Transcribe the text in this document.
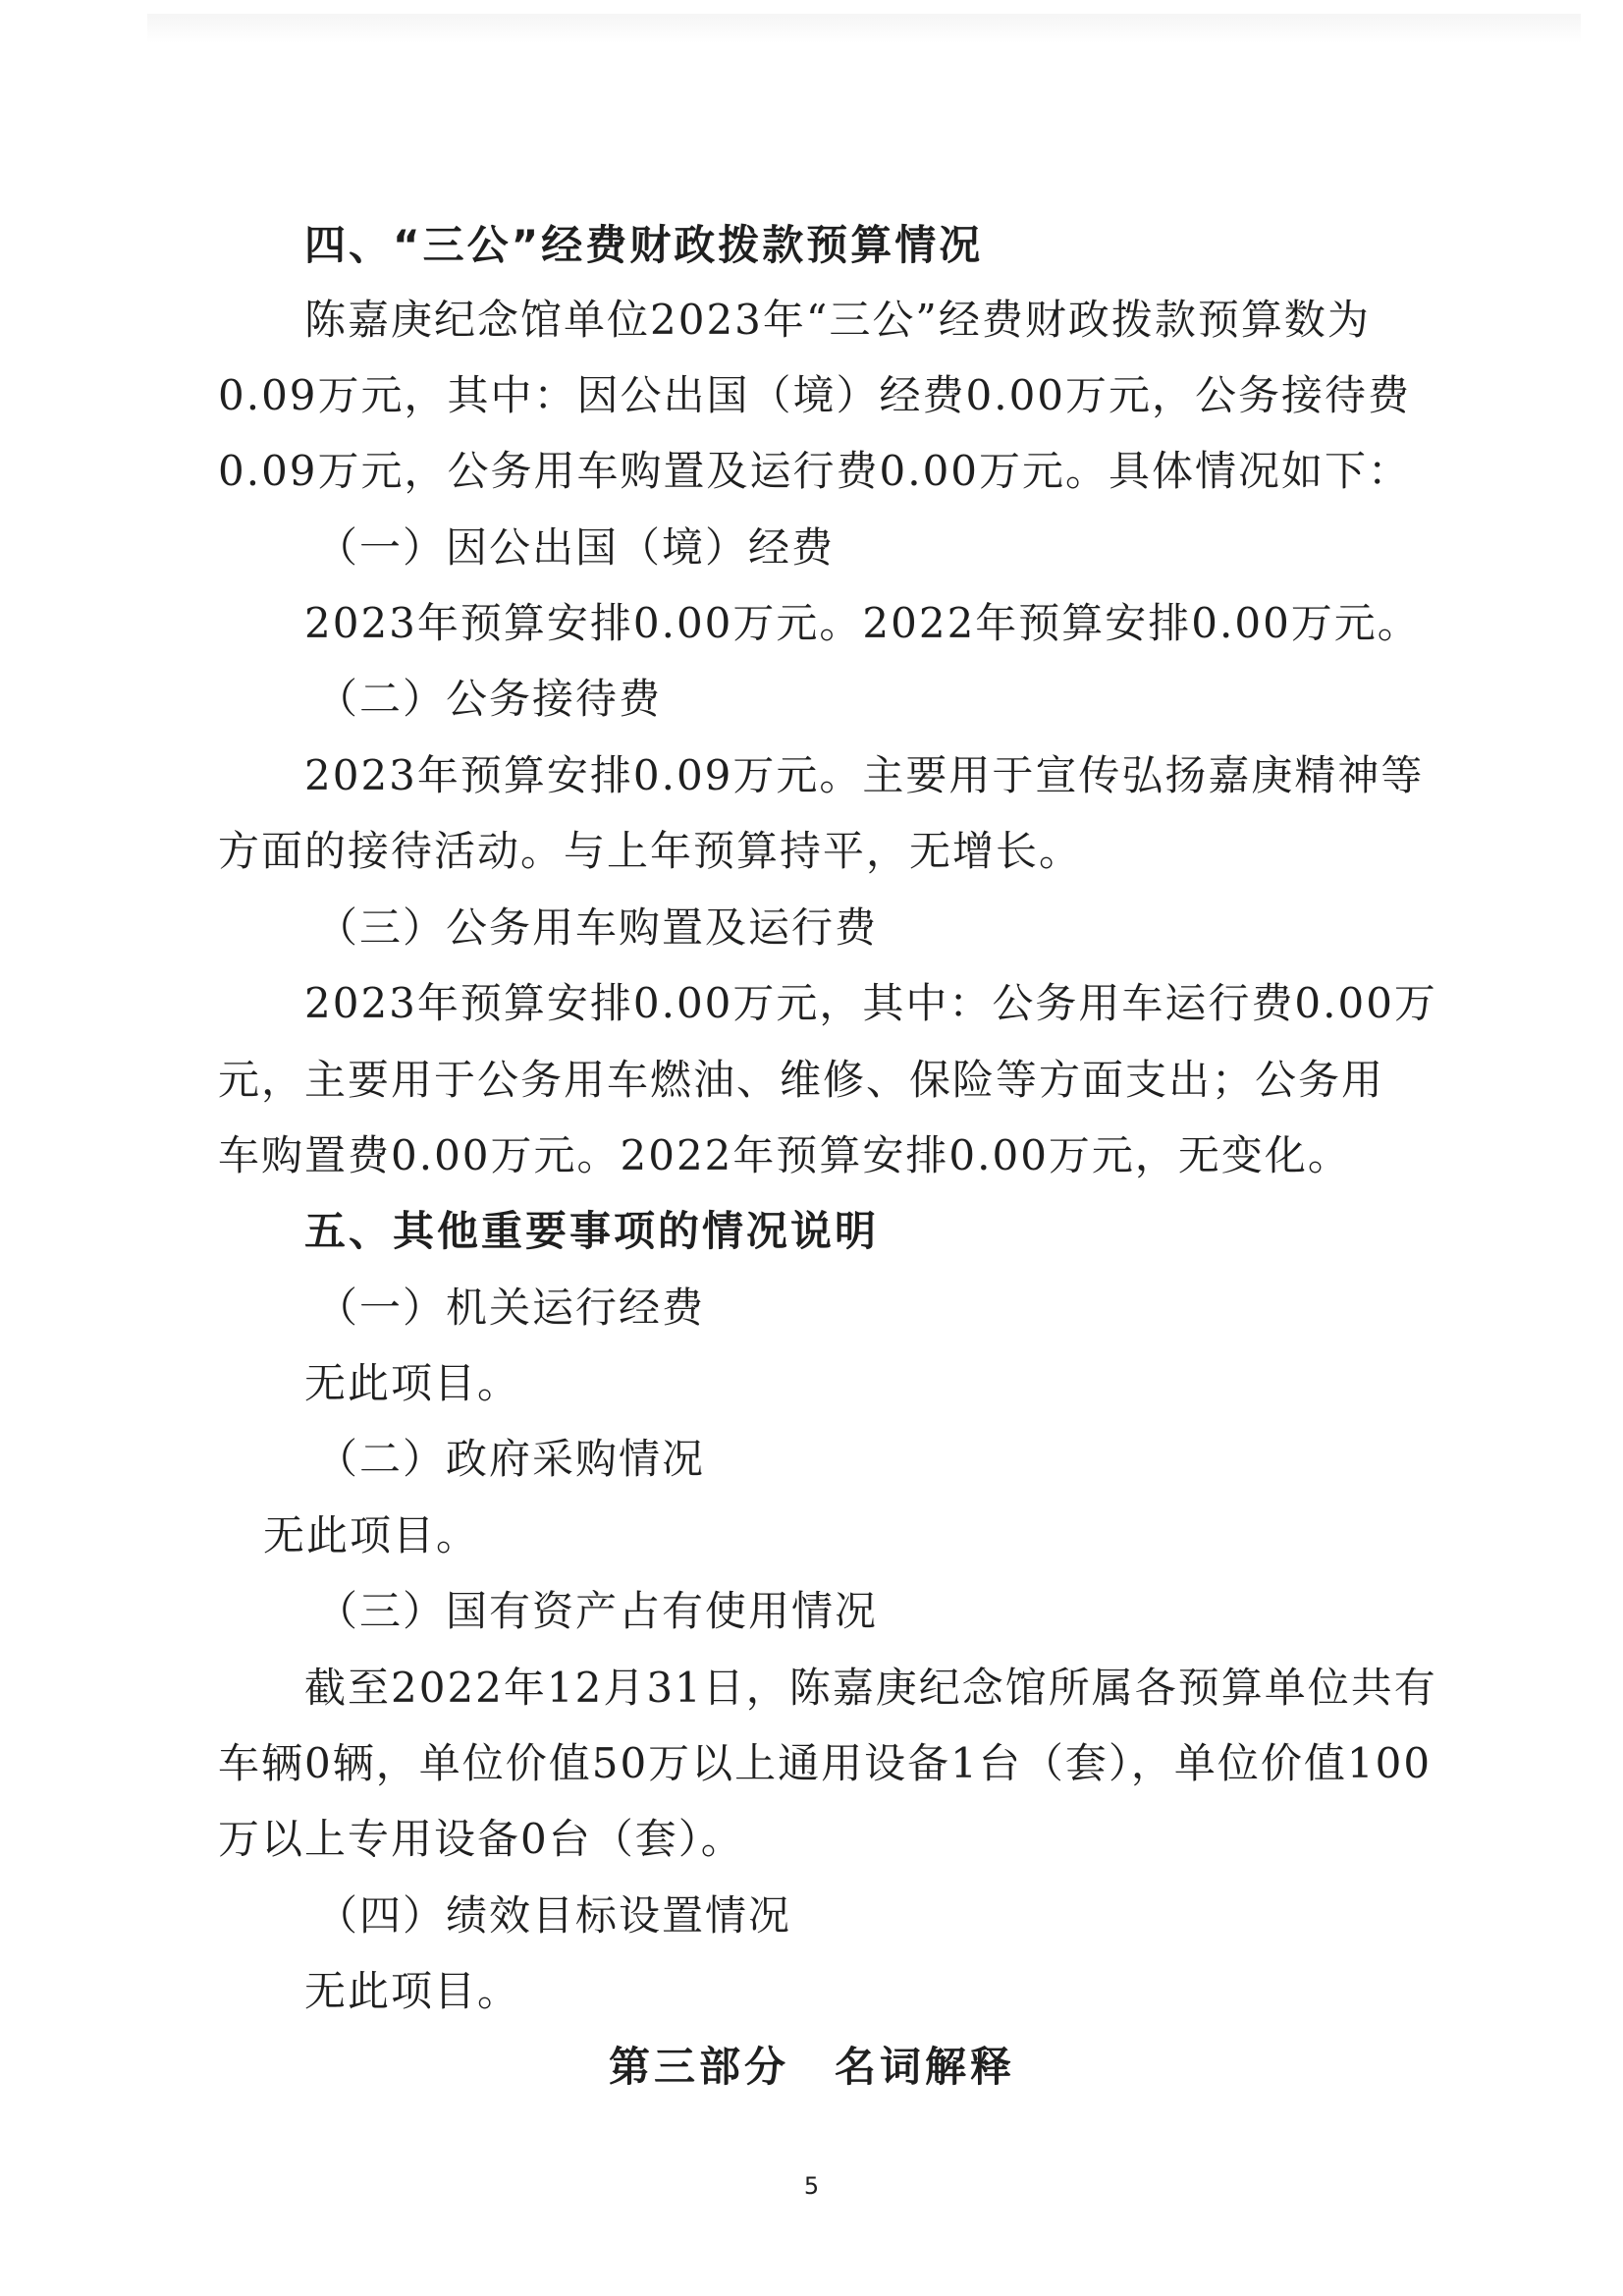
四、“三公”经费财政拨款预算情况
陈嘉庚纪念馆单位2023年“三公”经费财政拨款预算数为
0.09万元，其中：因公出国（境）经费0.00万元，公务接待费
0.09万元，公务用车购置及运行费0.00万元。具体情况如下：
（一）因公出国（境）经费
2023年预算安排0.00万元。2022年预算安排0.00万元。
（二）公务接待费
2023年预算安排0.09万元。主要用于宣传弘扬嘉庚精神等
方面的接待活动。与上年预算持平，无增长。
（三）公务用车购置及运行费
2023年预算安排0.00万元，其中：公务用车运行费0.00万
元，主要用于公务用车燃油、维修、保险等方面支出；公务用
车购置费0.00万元。2022年预算安排0.00万元，无变化。
五、其他重要事项的情况说明
（一）机关运行经费
无此项目。
（二）政府采购情况
无此项目。
（三）国有资产占有使用情况
截至2022年12月31日，陈嘉庚纪念馆所属各预算单位共有
车辆0辆，单位价值50万以上通用设备1台（套），单位价值100
万以上专用设备0台（套）。
（四）绩效目标设置情况
无此项目。
第三部分　名词解释
5
